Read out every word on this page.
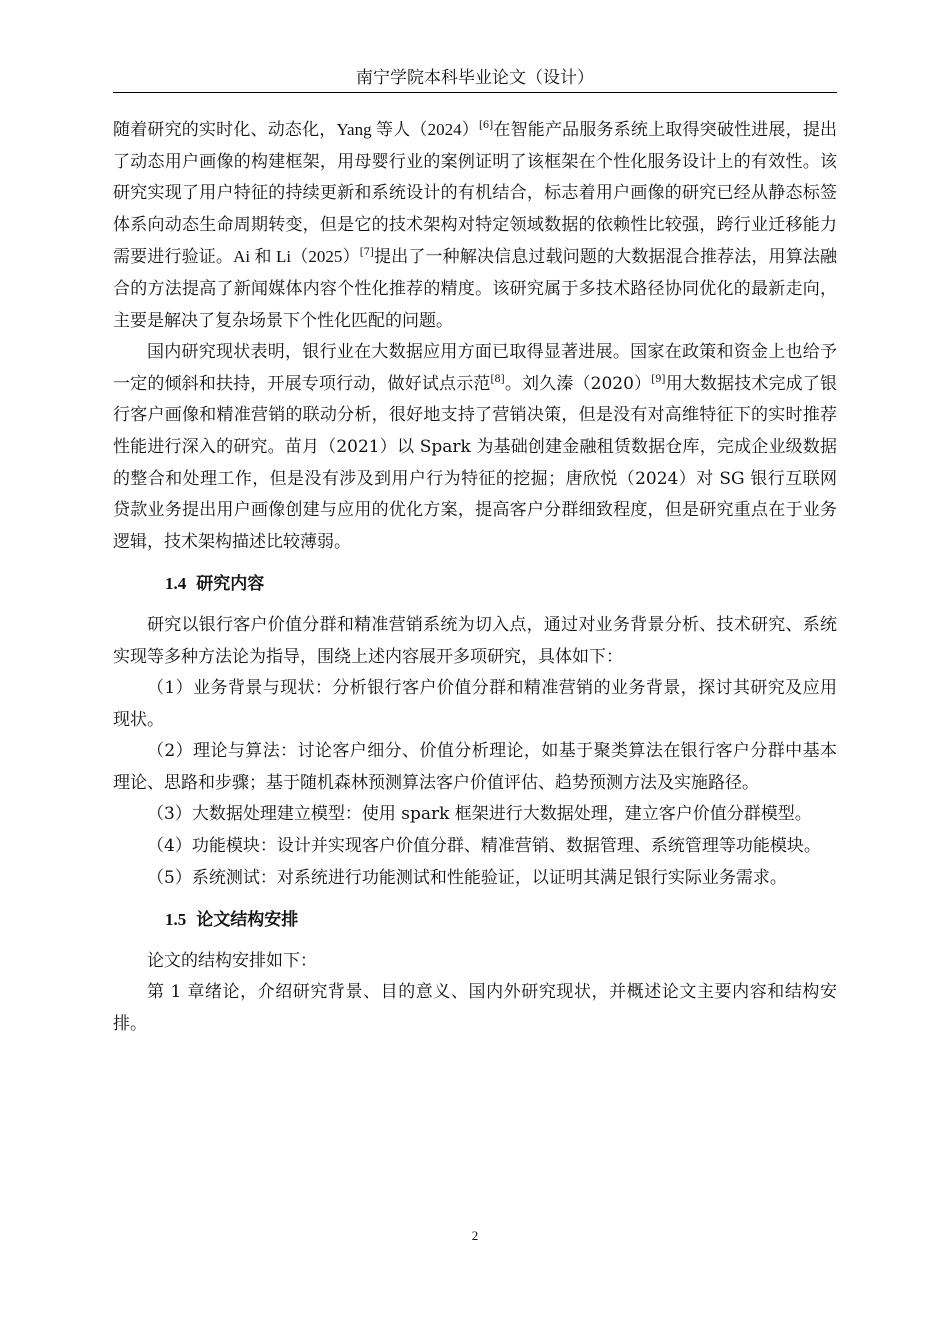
南宁学院本科毕业论文（设计）

随着研究的实时化、动态化，Yang 等人（2024）[6]在智能产品服务系统上取得突破性进展，提出了动态用户画像的构建框架，用母婴行业的案例证明了该框架在个性化服务设计上的有效性。该研究实现了用户特征的持续更新和系统设计的有机结合，标志着用户画像的研究已经从静态标签体系向动态生命周期转变，但是它的技术架构对特定领域数据的依赖性比较强，跨行业迁移能力需要进行验证。Ai 和 Li（2025）[7]提出了一种解决信息过载问题的大数据混合推荐法，用算法融合的方法提高了新闻媒体内容个性化推荐的精度。该研究属于多技术路径协同优化的最新走向，主要是解决了复杂场景下个性化匹配的问题。

国内研究现状表明，银行业在大数据应用方面已取得显著进展。国家在政策和资金上也给予一定的倾斜和扶持，开展专项行动，做好试点示范[8]。刘久溱（2020）[9]用大数据技术完成了银行客户画像和精准营销的联动分析，很好地支持了营销决策，但是没有对高维特征下的实时推荐性能进行深入的研究。苗月（2021）以 Spark 为基础创建金融租赁数据仓库，完成企业级数据的整合和处理工作，但是没有涉及到用户行为特征的挖掘；唐欣悦（2024）对 SG 银行互联网贷款业务提出用户画像创建与应用的优化方案，提高客户分群细致程度，但是研究重点在于业务逻辑，技术架构描述比较薄弱。

1.4 研究内容

研究以银行客户价值分群和精准营销系统为切入点，通过对业务背景分析、技术研究、系统实现等多种方法论为指导，围绕上述内容展开多项研究，具体如下：

（1）业务背景与现状：分析银行客户价值分群和精准营销的业务背景，探讨其研究及应用现状。

（2）理论与算法：讨论客户细分、价值分析理论，如基于聚类算法在银行客户分群中基本理论、思路和步骤；基于随机森林预测算法客户价值评估、趋势预测方法及实施路径。

（3）大数据处理建立模型：使用 spark 框架进行大数据处理，建立客户价值分群模型。

（4）功能模块：设计并实现客户价值分群、精准营销、数据管理、系统管理等功能模块。

（5）系统测试：对系统进行功能测试和性能验证，以证明其满足银行实际业务需求。

1.5 论文结构安排

论文的结构安排如下：

第 1 章绪论，介绍研究背景、目的意义、国内外研究现状，并概述论文主要内容和结构安排。

2
